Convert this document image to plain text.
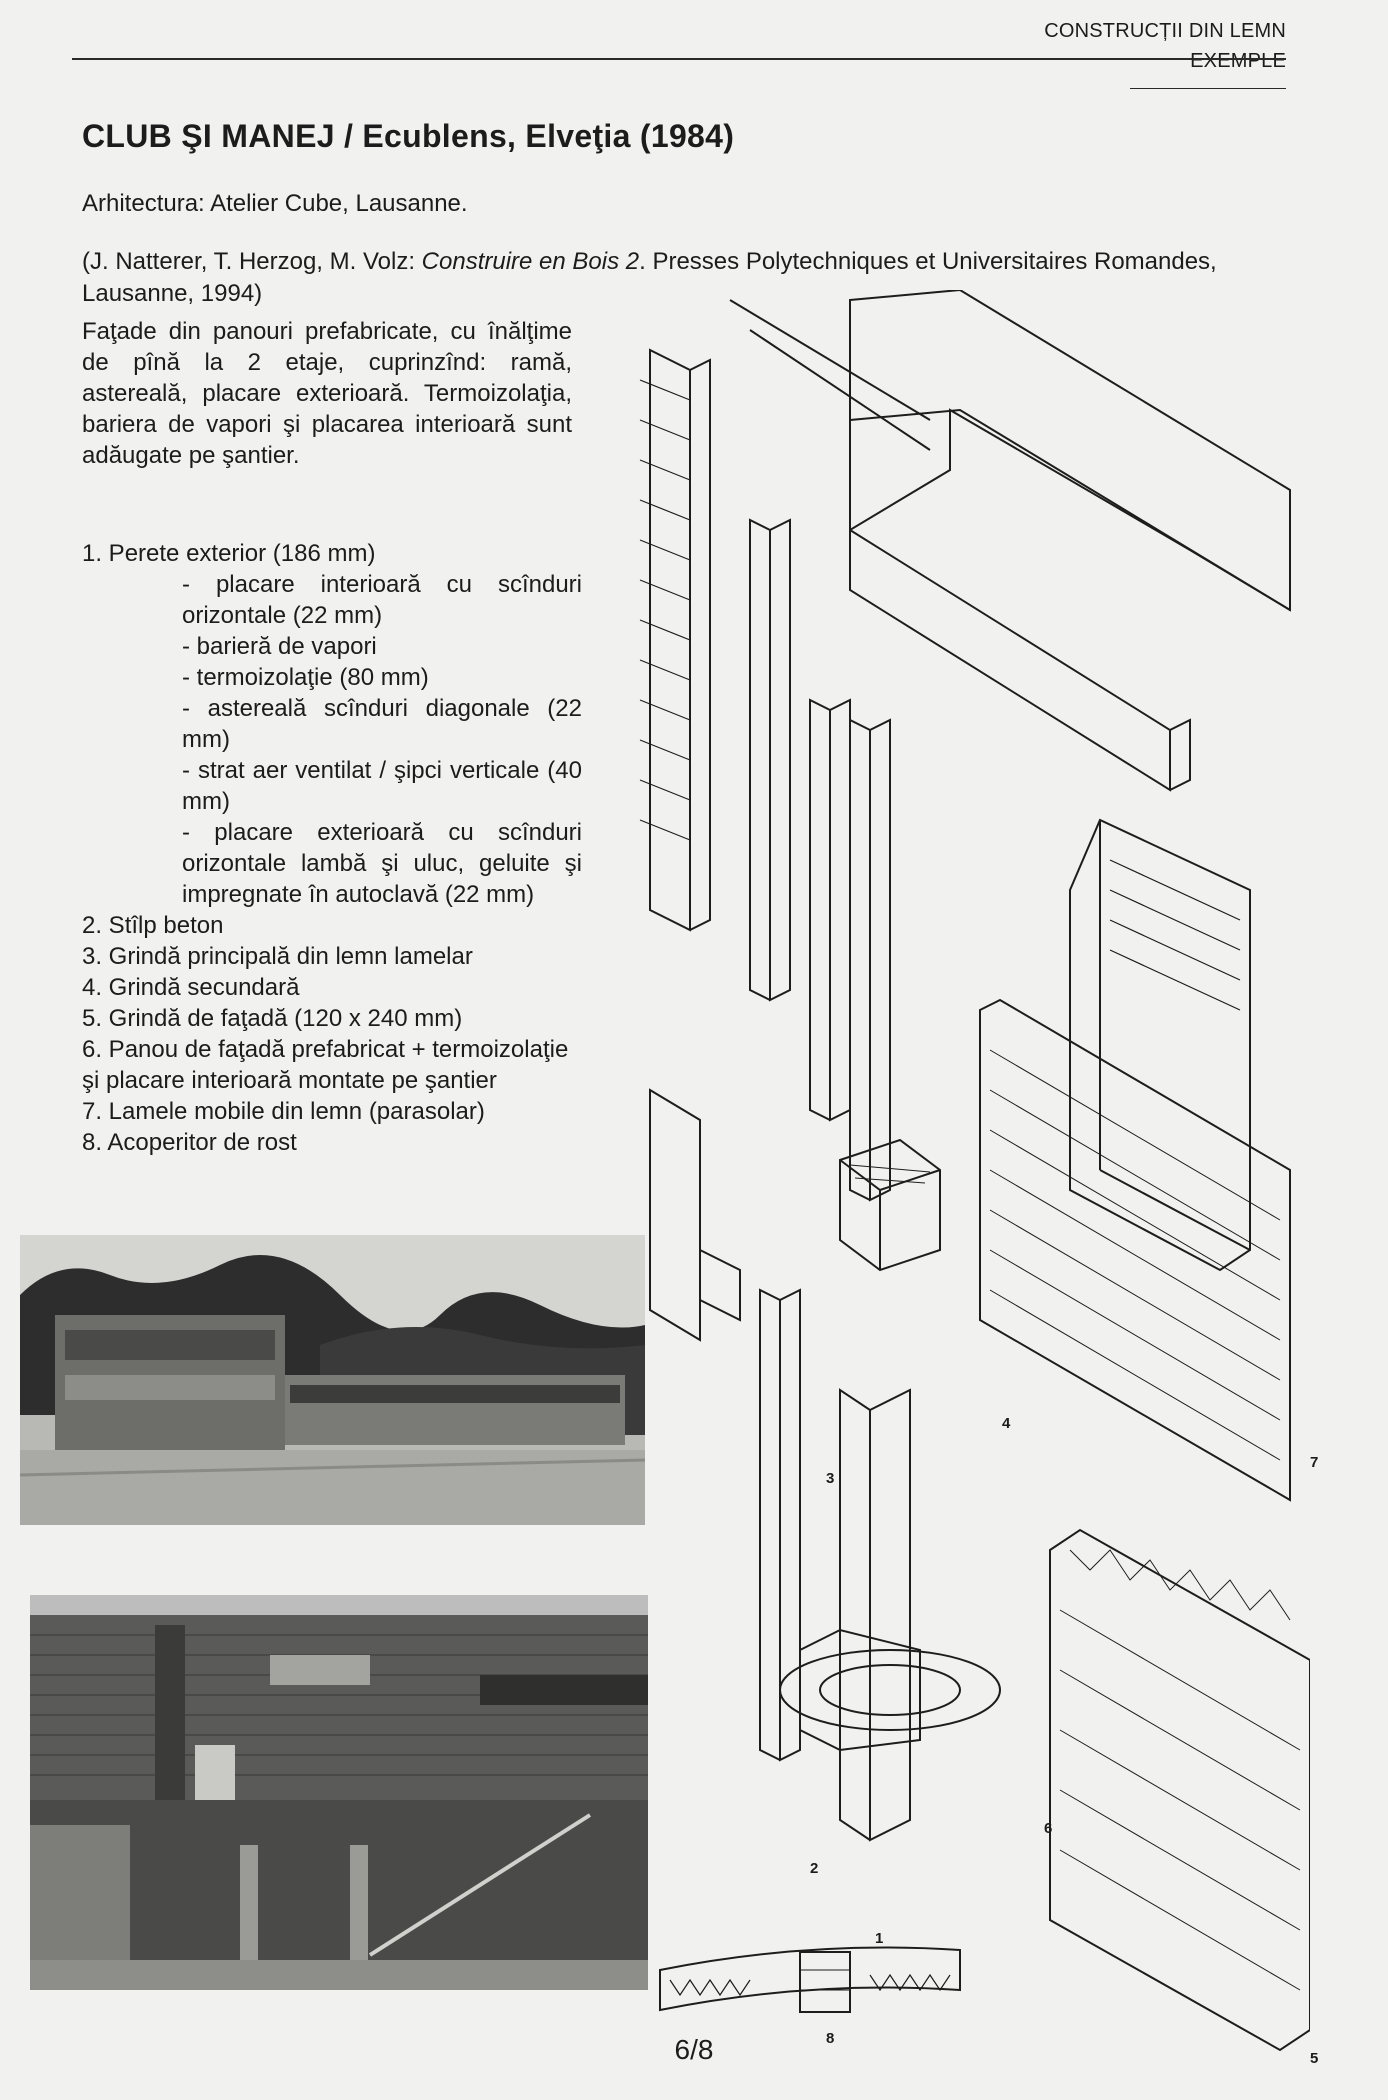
CONSTRUCȚII DIN LEMN
EXEMPLE
CLUB ŞI MANEJ / Ecublens, Elveţia (1984)
Arhitectura: Atelier Cube, Lausanne.
(J. Natterer, T. Herzog, M. Volz: Construire en Bois 2. Presses Polytechniques et Universitaires Romandes, Lausanne, 1994)
Faţade din panouri prefabricate, cu înălţime de pînă la 2 etaje, cuprinzînd: ramă, astereală, placare exterioară. Termoizolaţia, bariera de vapori şi placarea interioară sunt adăugate pe şantier.

1. Perete exterior (186 mm)

- placare interioară cu scînduri orizontale (22 mm)

- barieră de vapori

- termoizolaţie (80 mm)

- astereală scînduri diagonale (22 mm)

- strat aer ventilat / şipci verticale (40 mm)

- placare exterioară cu scînduri orizontale lambă şi uluc, geluite şi impregnate în autoclavă (22 mm)

2. Stîlp beton

3. Grindă principală din lemn lamelar

4. Grindă secundară

5. Grindă de faţadă (120 x 240 mm)

6. Panou de faţadă prefabricat + termoizolaţie şi placare interioară montate pe şantier

7. Lamele mobile din lemn (parasolar)

8. Acoperitor de rost

1
2
3
4
5
6
7
8
6/8
